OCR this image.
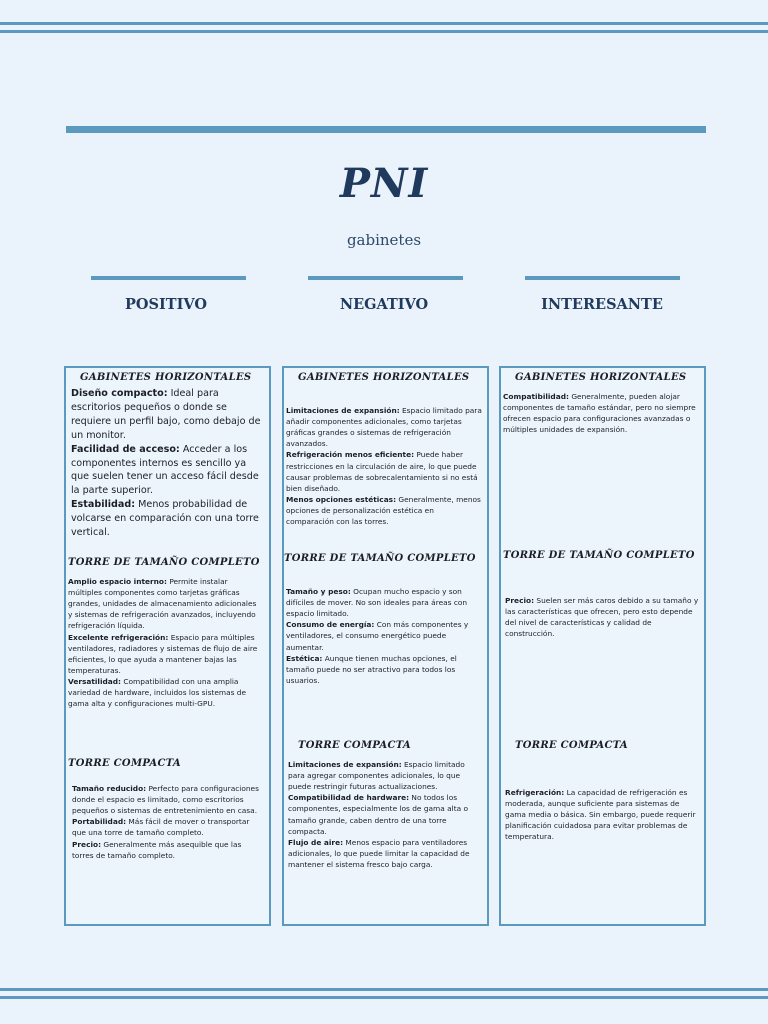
PNI
gabinetes
POSITIVO	NEGATIVO	INTERESANTE
GABINETES HORIZONTALES
Diseño compacto: Ideal para escritorios pequeños o donde se requiere un perfil bajo, como debajo de un monitor.
Facilidad de acceso: Acceder a los componentes internos es sencillo ya que suelen tener un acceso fácil desde la parte superior.
Estabilidad: Menos probabilidad de volcarse en comparación con una torre vertical.
TORRE DE TAMAÑO COMPLETO
Amplio espacio interno: Permite instalar múltiples componentes como tarjetas gráficas grandes, unidades de almacenamiento adicionales y sistemas de refrigeración avanzados, incluyendo refrigeración líquida.
Excelente refrigeración: Espacio para múltiples ventiladores, radiadores y sistemas de flujo de aire eficientes, lo que ayuda a mantener bajas las temperaturas.
Versatilidad: Compatibilidad con una amplia variedad de hardware, incluidos los sistemas de gama alta y configuraciones multi-GPU.
TORRE COMPACTA
Tamaño reducido: Perfecto para configuraciones donde el espacio es limitado, como escritorios pequeños o sistemas de entretenimiento en casa.
Portabilidad: Más fácil de mover o transportar que una torre de tamaño completo.
Precio: Generalmente más asequible que las torres de tamaño completo.
GABINETES HORIZONTALES
Limitaciones de expansión: Espacio limitado para añadir componentes adicionales, como tarjetas gráficas grandes o sistemas de refrigeración avanzados.
Refrigeración menos eficiente: Puede haber restricciones en la circulación de aire, lo que puede causar problemas de sobrecalentamiento si no está bien diseñado.
Menos opciones estéticas: Generalmente, menos opciones de personalización estética en comparación con las torres.
TORRE DE TAMAÑO COMPLETO
Tamaño y peso: Ocupan mucho espacio y son difíciles de mover. No son ideales para áreas con espacio limitado.
Consumo de energía: Con más componentes y ventiladores, el consumo energético puede aumentar.
Estética: Aunque tienen muchas opciones, el tamaño puede no ser atractivo para todos los usuarios.
TORRE COMPACTA
Limitaciones de expansión: Espacio limitado para agregar componentes adicionales, lo que puede restringir futuras actualizaciones.
Compatibilidad de hardware: No todos los componentes, especialmente los de gama alta o tamaño grande, caben dentro de una torre compacta.
Flujo de aire: Menos espacio para ventiladores adicionales, lo que puede limitar la capacidad de mantener el sistema fresco bajo carga.
GABINETES HORIZONTALES
Compatibilidad: Generalmente, pueden alojar componentes de tamaño estándar, pero no siempre ofrecen espacio para configuraciones avanzadas o múltiples unidades de expansión.
TORRE DE TAMAÑO COMPLETO
Precio: Suelen ser más caros debido a su tamaño y las características que ofrecen, pero esto depende del nivel de características y calidad de construcción.
TORRE COMPACTA
Refrigeración: La capacidad de refrigeración es moderada, aunque suficiente para sistemas de gama media o básica. Sin embargo, puede requerir planificación cuidadosa para evitar problemas de temperatura.
